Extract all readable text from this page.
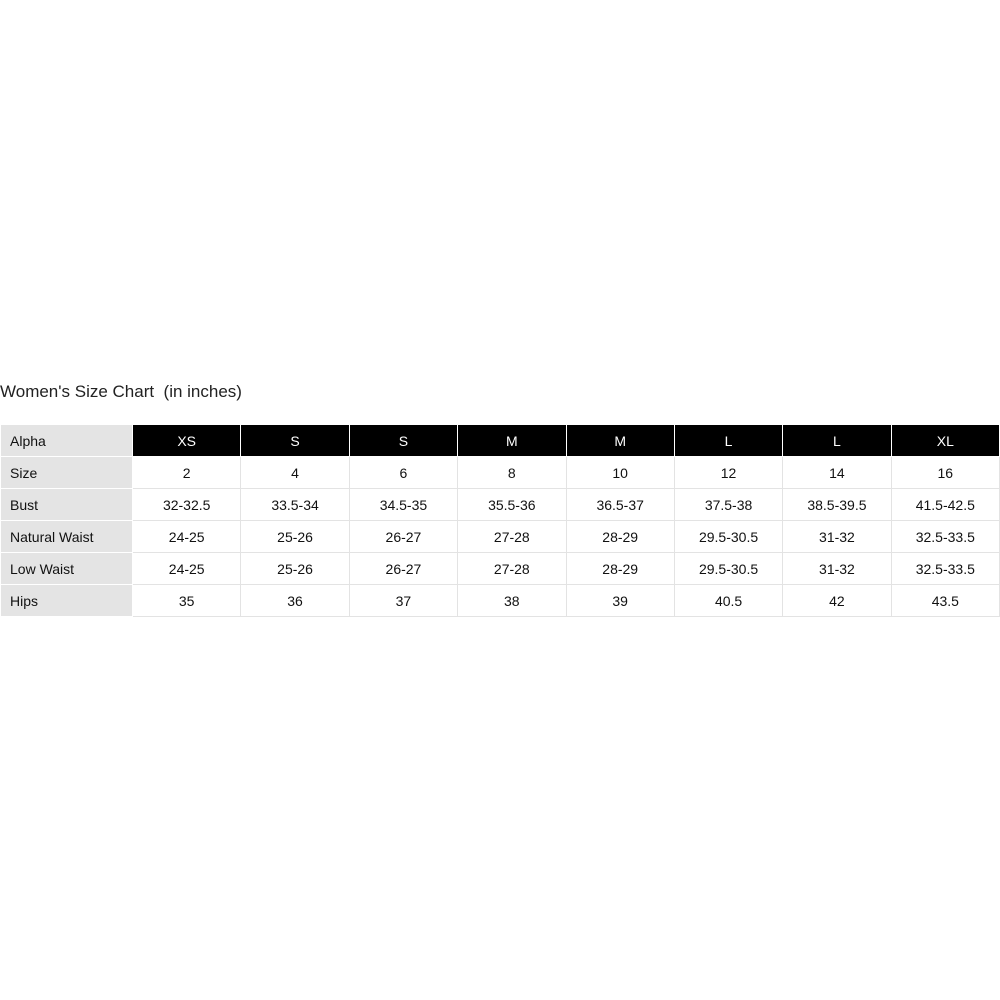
Women's Size Chart  (in inches)
Alpha	XS	S	S	M	M	L	L	XL
Size	2	4	6	8	10	12	14	16
Bust	32-32.5	33.5-34	34.5-35	35.5-36	36.5-37	37.5-38	38.5-39.5	41.5-42.5
Natural Waist	24-25	25-26	26-27	27-28	28-29	29.5-30.5	31-32	32.5-33.5
Low Waist	24-25	25-26	26-27	27-28	28-29	29.5-30.5	31-32	32.5-33.5
Hips	35	36	37	38	39	40.5	42	43.5
